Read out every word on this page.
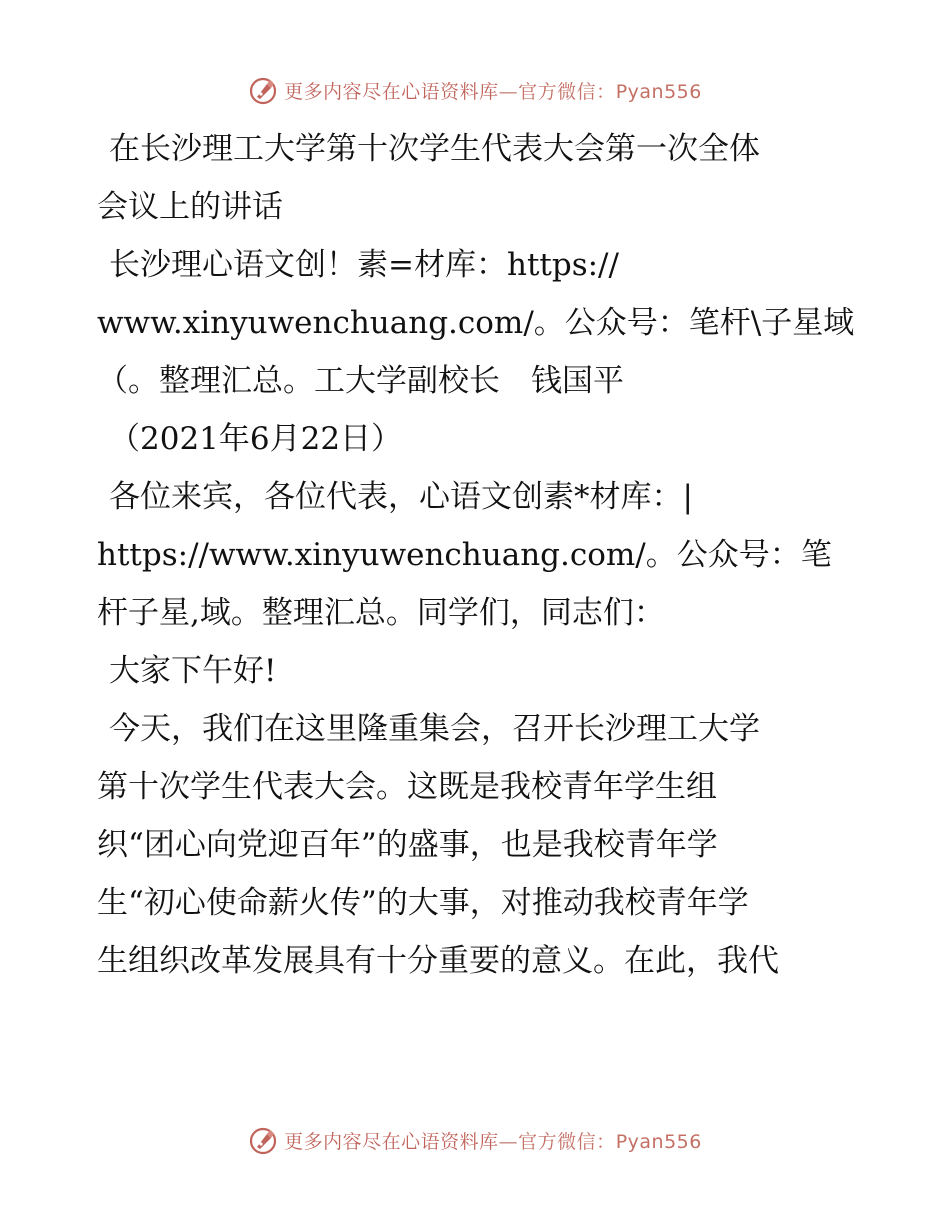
更多内容尽在心语资料库—官方微信：Pyan556
在长沙理工大学第十次学生代表大会第一次全体
会议上的讲话
长沙理心语文创！素=材库：https://
www.xinyuwenchuang.com/。公众号：笔杆\子星域
（。整理汇总。工大学副校长　钱国平
（2021年6月22日）
各位来宾，各位代表，心语文创素*材库：|
https://www.xinyuwenchuang.com/。公众号：笔
杆子星,域。整理汇总。同学们，同志们：
大家下午好!
今天，我们在这里隆重集会，召开长沙理工大学
第十次学生代表大会。这既是我校青年学生组
织“团心向党迎百年”的盛事，也是我校青年学
生“初心使命薪火传”的大事，对推动我校青年学
生组织改革发展具有十分重要的意义。在此，我代
更多内容尽在心语资料库—官方微信：Pyan556
